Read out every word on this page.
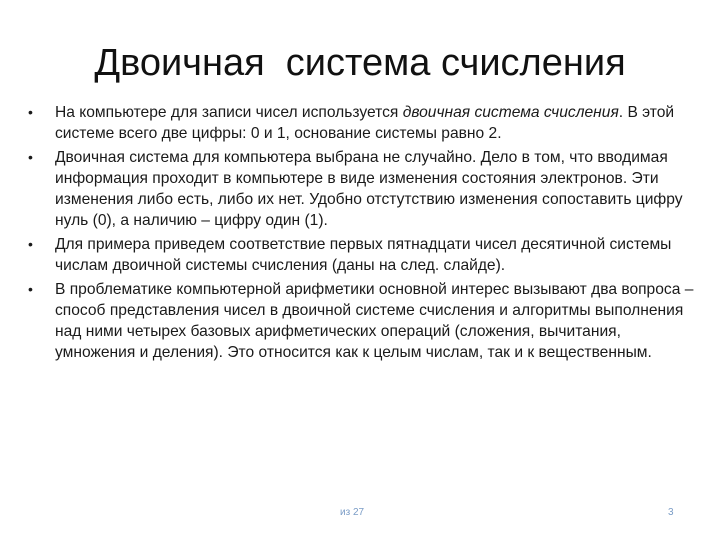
Двоичная  система счисления
•	На компьютере для записи чисел используется двоичная система счисления. В этой системе всего две цифры: 0 и 1, основание системы равно 2.
•	Двоичная система для компьютера выбрана не случайно. Дело в том, что вводимая информация проходит в компьютере в виде изменения состояния электронов. Эти изменения либо есть, либо их нет. Удобно отстутствию изменения сопоставить цифру нуль (0), а наличию – цифру один (1).
•	Для примера приведем соответствие первых пятнадцати чисел десятичной системы числам двоичной системы счисления (даны на след. слайде).
•	В проблематике компьютерной арифметики основной интерес вызывают два вопроса – способ представления чисел в двоичной системе счисления и алгоритмы выполнения над ними четырех базовых арифметических операций (сложения, вычитания, умножения и деления). Это относится как к целым числам, так и к вещественным.
из 27	3
